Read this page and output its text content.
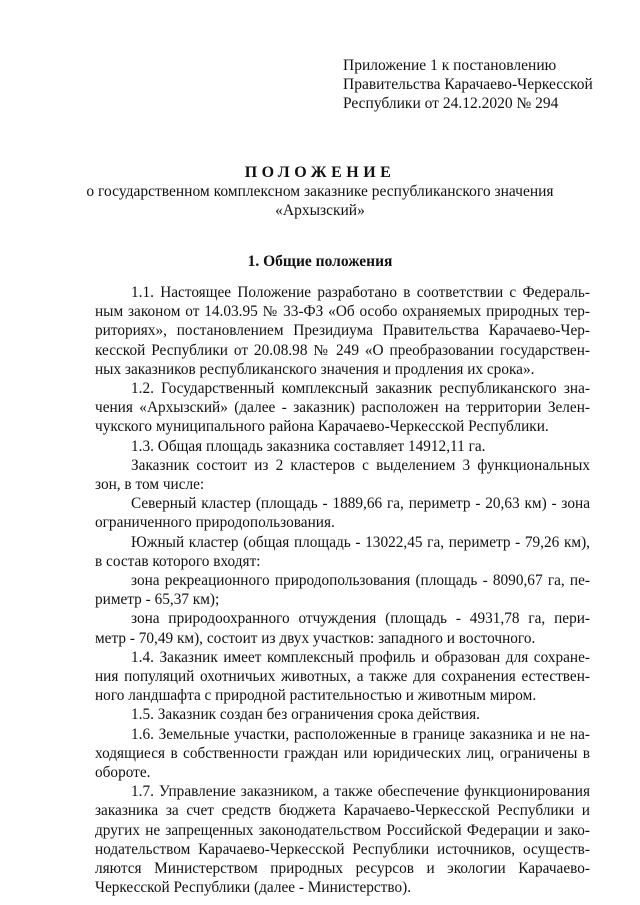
Приложение 1 к постановлению
Правительства Карачаево-Черкесской
Республики от 24.12.2020 № 294
ПОЛОЖЕНИЕ
о государственном комплексном заказнике республиканского значения
«Архызский»
1. Общие положения
1.1. Настоящее Положение разработано в соответствии с Федераль-
ным законом от 14.03.95 № 33-ФЗ «Об особо охраняемых природных тер-
риториях», постановлением Президиума Правительства Карачаево-Чер-
кесской Республики от 20.08.98 № 249 «О преобразовании государствен-
ных заказников республиканского значения и продления их срока».
1.2. Государственный комплексный заказник республиканского зна-
чения «Архызский» (далее - заказник) расположен на территории Зелен-
чукского муниципального района Карачаево-Черкесской Республики.
1.3. Общая площадь заказника составляет 14912,11 га.
Заказник состоит из 2 кластеров с выделением 3 функциональных
зон, в том числе:
Северный кластер (площадь - 1889,66 га, периметр - 20,63 км) - зона
ограниченного природопользования.
Южный кластер (общая площадь - 13022,45 га, периметр - 79,26 км),
в состав которого входят:
зона рекреационного природопользования (площадь - 8090,67 га, пе-
риметр - 65,37 км);
зона природоохранного отчуждения (площадь - 4931,78 га, пери-
метр - 70,49 км), состоит из двух участков: западного и восточного.
1.4. Заказник имеет комплексный профиль и образован для сохране-
ния популяций охотничьих животных, а также для сохранения естествен-
ного ландшафта с природной растительностью и животным миром.
1.5. Заказник создан без ограничения срока действия.
1.6. Земельные участки, расположенные в границе заказника и не на-
ходящиеся в собственности граждан или юридических лиц, ограничены в
обороте.
1.7. Управление заказником, а также обеспечение функционирования
заказника за счет средств бюджета Карачаево-Черкесской Республики и
других не запрещенных законодательством Российской Федерации и зако-
нодательством Карачаево-Черкесской Республики источников, осуществ-
ляются Министерством природных ресурсов и экологии Карачаево-
Черкесской Республики (далее - Министерство).
